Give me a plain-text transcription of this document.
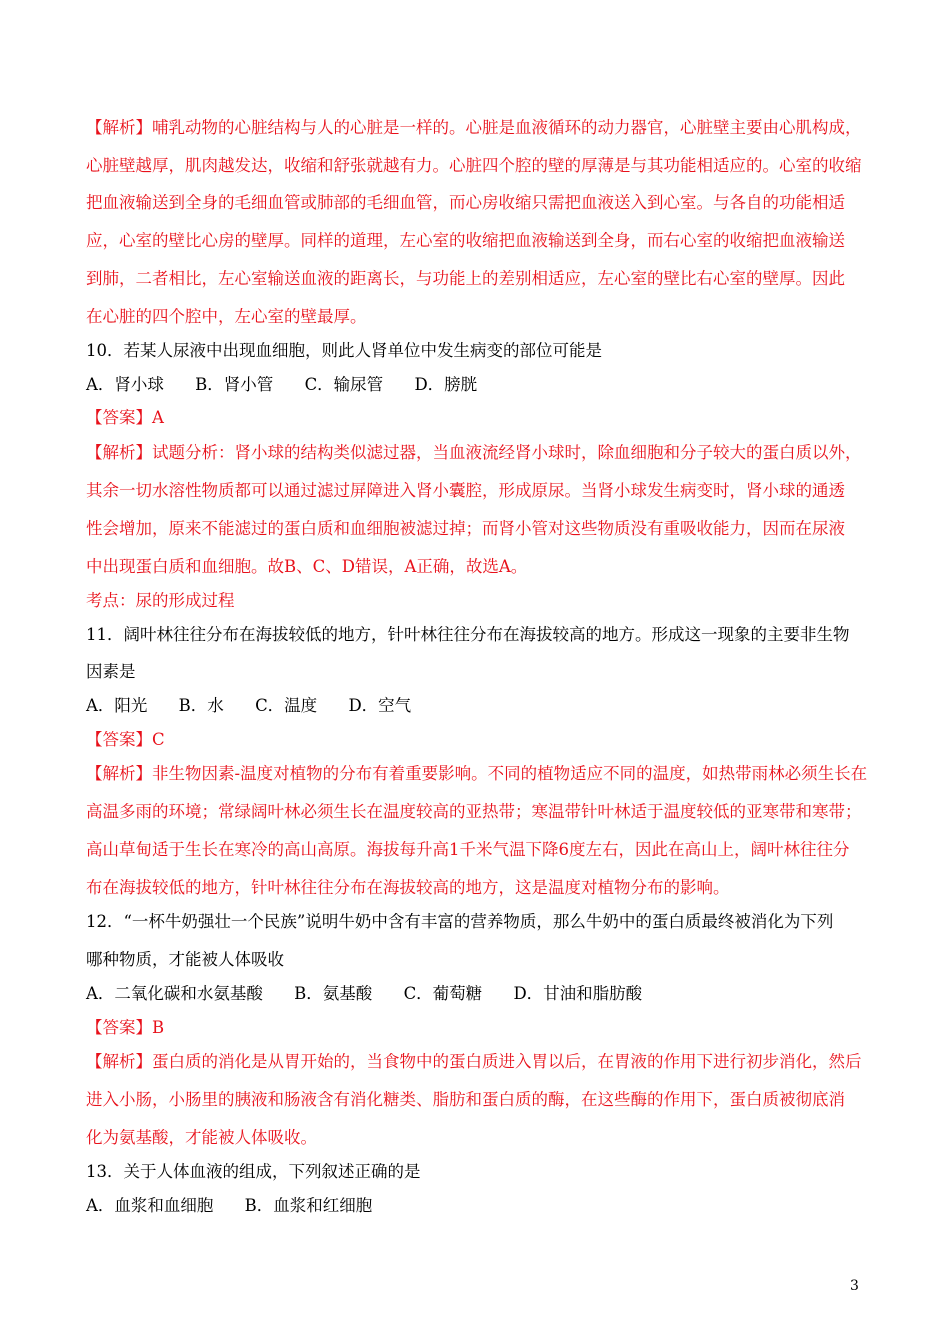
【解析】哺乳动物的心脏结构与人的心脏是一样的。心脏是血液循环的动力器官，心脏壁主要由心肌构成，
心脏壁越厚，肌肉越发达，收缩和舒张就越有力。心脏四个腔的壁的厚薄是与其功能相适应的。心室的收缩
把血液输送到全身的毛细血管或肺部的毛细血管，而心房收缩只需把血液送入到心室。与各自的功能相适
应，心室的壁比心房的壁厚。同样的道理，左心室的收缩把血液输送到全身，而右心室的收缩把血液输送
到肺，二者相比，左心室输送血液的距离长，与功能上的差别相适应，左心室的壁比右心室的壁厚。因此
在心脏的四个腔中，左心室的壁最厚。
10．若某人尿液中出现血细胞，则此人肾单位中发生病变的部位可能是
A．肾小球 B．肾小管 C．输尿管 D．膀胱
【答案】A
【解析】试题分析：肾小球的结构类似滤过器，当血液流经肾小球时，除血细胞和分子较大的蛋白质以外，
其余一切水溶性物质都可以通过滤过屏障进入肾小囊腔，形成原尿。当肾小球发生病变时，肾小球的通透
性会增加，原来不能滤过的蛋白质和血细胞被滤过掉；而肾小管对这些物质没有重吸收能力，因而在尿液
中出现蛋白质和血细胞。故B、C、D错误，A正确，故选A。
考点：尿的形成过程
11．阔叶林往往分布在海拔较低的地方，针叶林往往分布在海拔较高的地方。形成这一现象的主要非生物
因素是
A．阳光 B．水 C．温度 D．空气
【答案】C
【解析】非生物因素-温度对植物的分布有着重要影响。不同的植物适应不同的温度，如热带雨林必须生长在
高温多雨的环境；常绿阔叶林必须生长在温度较高的亚热带；寒温带针叶林适于温度较低的亚寒带和寒带；
高山草甸适于生长在寒冷的高山高原。海拔每升高1千米气温下降6度左右，因此在高山上，阔叶林往往分
布在海拔较低的地方，针叶林往往分布在海拔较高的地方，这是温度对植物分布的影响。
12．“一杯牛奶强壮一个民族”说明牛奶中含有丰富的营养物质，那么牛奶中的蛋白质最终被消化为下列
哪种物质，才能被人体吸收
A．二氧化碳和水氨基酸 B．氨基酸 C．葡萄糖 D．甘油和脂肪酸
【答案】B
【解析】蛋白质的消化是从胃开始的，当食物中的蛋白质进入胃以后，在胃液的作用下进行初步消化，然后
进入小肠，小肠里的胰液和肠液含有消化糖类、脂肪和蛋白质的酶，在这些酶的作用下，蛋白质被彻底消
化为氨基酸，才能被人体吸收。
13．关于人体血液的组成，下列叙述正确的是
A．血浆和血细胞 B．血浆和红细胞
3
